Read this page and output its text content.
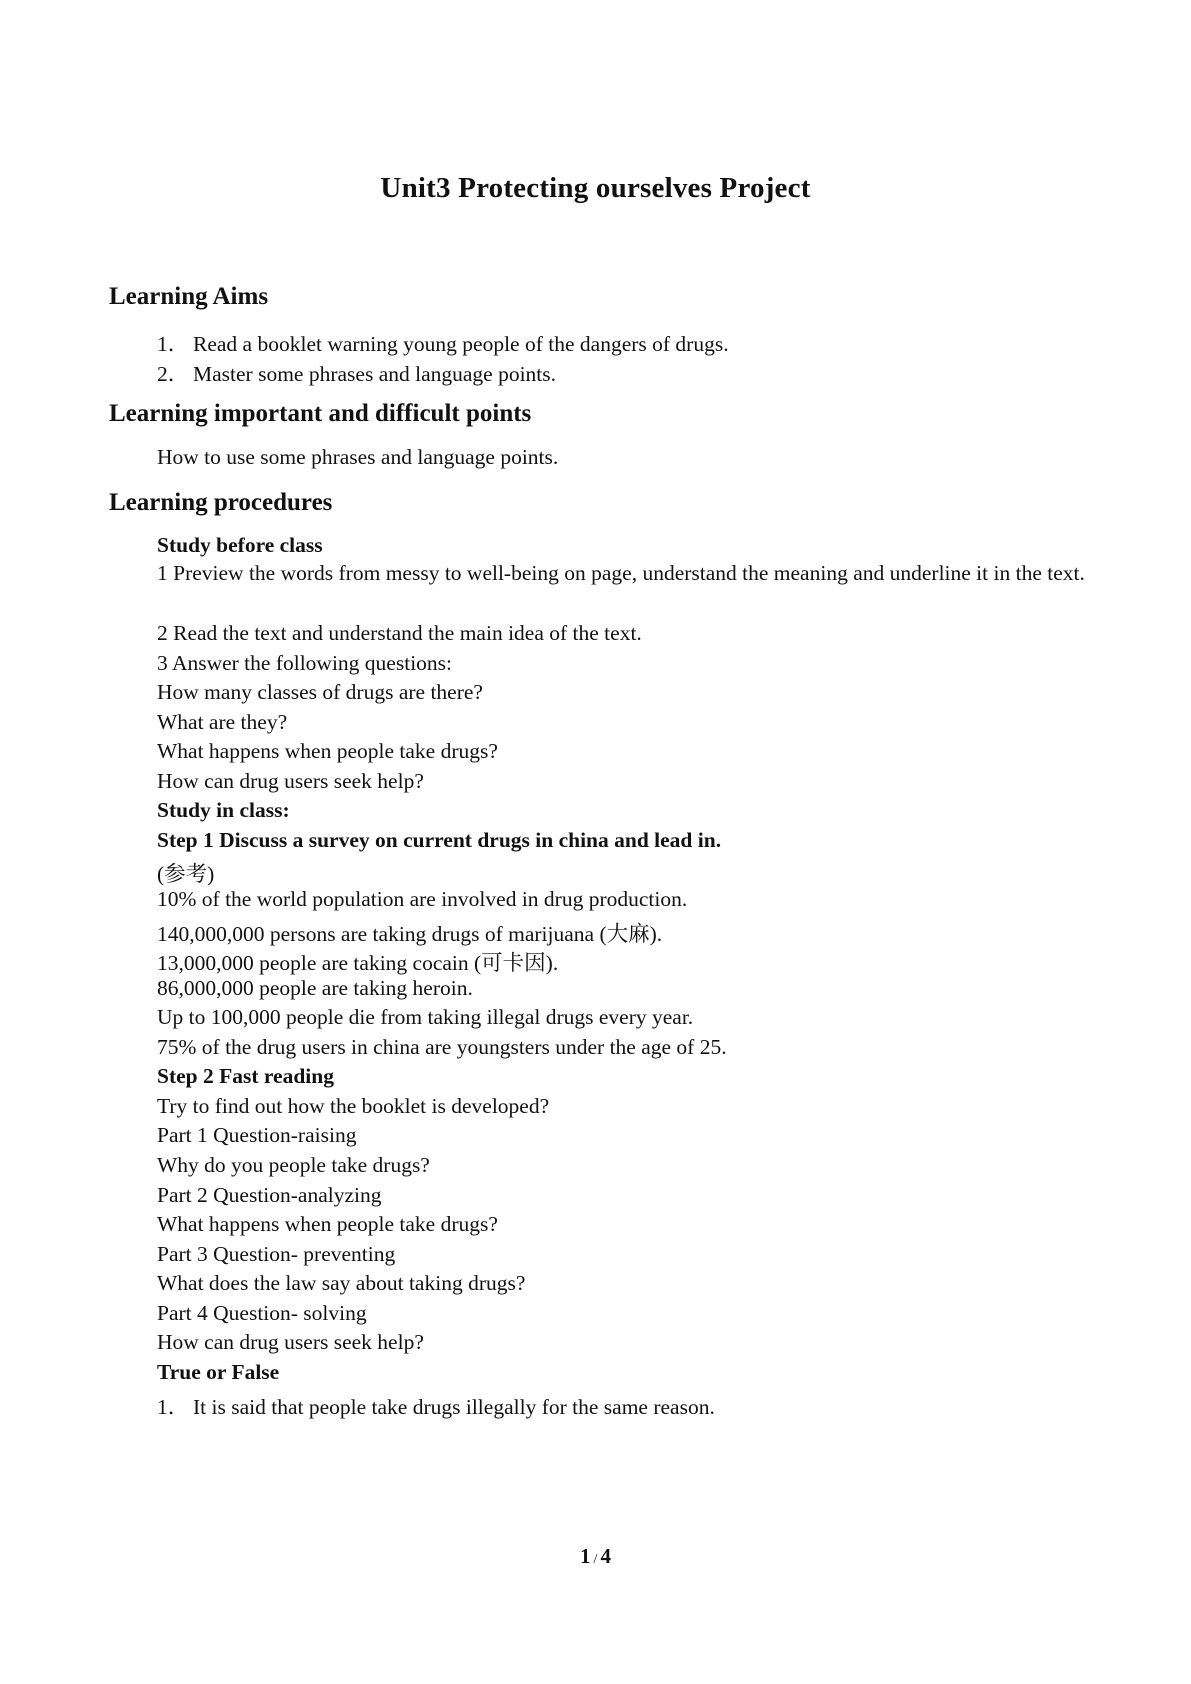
Unit3 Protecting ourselves Project
Learning Aims
1． Read a booklet warning young people of the dangers of drugs.
2． Master some phrases and language points.
Learning important and difficult points
How to use some phrases and language points.
Learning procedures
Study before class
1 Preview the words from messy to well-being on page, understand the meaning and underline it in the text.
2 Read the text and understand the main idea of the text.
3 Answer the following questions:
How many classes of drugs are there?
What are they?
What happens when people take drugs?
How can drug users seek help?
Study in class:
Step 1 Discuss a survey on current drugs in china and lead in.
(参考)
10% of the world population are involved in drug production.
140,000,000 persons are taking drugs of marijuana (大麻).
13,000,000 people are taking cocain (可卡因).
86,000,000 people are taking heroin.
Up to 100,000 people die from taking illegal drugs every year.
75% of the drug users in china are youngsters under the age of 25.
Step 2 Fast reading
Try to find out how the booklet is developed?
Part 1 Question-raising
Why do you people take drugs?
Part 2 Question-analyzing
What happens when people take drugs?
Part 3 Question- preventing
What does the law say about taking drugs?
Part 4 Question- solving
How can drug users seek help?
True or False
1． It is said that people take drugs illegally for the same reason.
1 / 4
